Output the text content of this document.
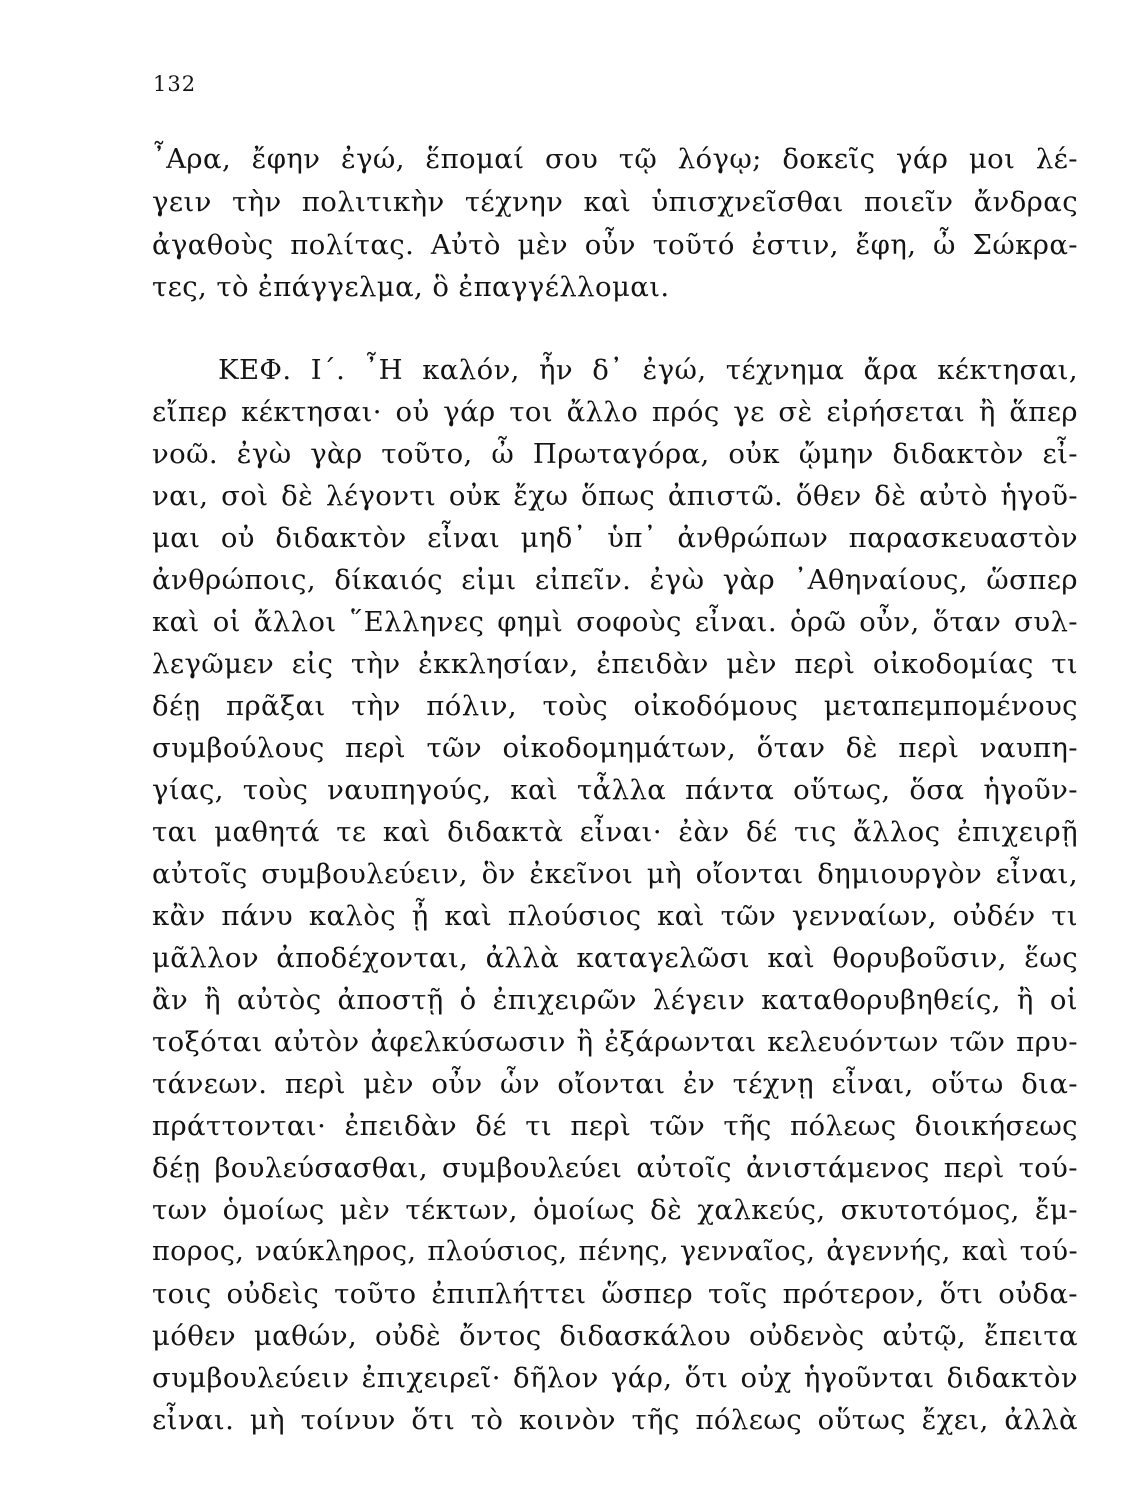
132
῏Αρα, ἔφην ἐγώ, ἕπομαί σου τῷ λόγῳ; δοκεῖς γάρ μοι λέ-
γειν τὴν πολιτικὴν τέχνην καὶ ὑπισχνεῖσθαι ποιεῖν ἄνδρας
ἀγαθοὺς πολίτας. Αὐτὸ μὲν οὖν τοῦτό ἐστιν, ἔφη, ὦ Σώκρα-
τες, τὸ ἐπάγγελμα, ὃ ἐπαγγέλλομαι.
ΚΕΦ. Ι΄. ῏Η καλόν, ἦν δ᾿ ἐγώ, τέχνημα ἄρα κέκτησαι,
εἴπερ κέκτησαι· οὐ γάρ τοι ἄλλο πρός γε σὲ εἰρήσεται ἢ ἅπερ
νοῶ. ἐγὼ γὰρ τοῦτο, ὦ Πρωταγόρα, οὐκ ᾤμην διδακτὸν εἶ-
ναι, σοὶ δὲ λέγοντι οὐκ ἔχω ὅπως ἀπιστῶ. ὅθεν δὲ αὐτὸ ἡγοῦ-
μαι οὐ διδακτὸν εἶναι μηδ᾿ ὑπ᾿ ἀνθρώπων παρασκευαστὸν
ἀνθρώποις, δίκαιός εἰμι εἰπεῖν. ἐγὼ γὰρ ᾿Αθηναίους, ὥσπερ
καὶ οἱ ἄλλοι ῞Ελληνες φημὶ σοφοὺς εἶναι. ὁρῶ οὖν, ὅταν συλ-
λεγῶμεν εἰς τὴν ἐκκλησίαν, ἐπειδὰν μὲν περὶ οἰκοδομίας τι
δέῃ πρᾶξαι τὴν πόλιν, τοὺς οἰκοδόμους μεταπεμπομένους
συμβούλους περὶ τῶν οἰκοδομημάτων, ὅταν δὲ περὶ ναυπη-
γίας, τοὺς ναυπηγούς, καὶ τἆλλα πάντα οὕτως, ὅσα ἡγοῦν-
ται μαθητά τε καὶ διδακτὰ εἶναι· ἐὰν δέ τις ἄλλος ἐπιχειρῇ
αὐτοῖς συμβουλεύειν, ὃν ἐκεῖνοι μὴ οἴονται δημιουργὸν εἶναι,
κἂν πάνυ καλὸς ᾖ καὶ πλούσιος καὶ τῶν γενναίων, οὐδέν τι
μᾶλλον ἀποδέχονται, ἀλλὰ καταγελῶσι καὶ θορυβοῦσιν, ἕως
ἂν ἢ αὐτὸς ἀποστῇ ὁ ἐπιχειρῶν λέγειν καταθορυβηθείς, ἢ οἱ
τοξόται αὐτὸν ἀφελκύσωσιν ἢ ἐξάρωνται κελευόντων τῶν πρυ-
τάνεων. περὶ μὲν οὖν ὧν οἴονται ἐν τέχνῃ εἶναι, οὕτω δια-
πράττονται· ἐπειδὰν δέ τι περὶ τῶν τῆς πόλεως διοικήσεως
δέῃ βουλεύσασθαι, συμβουλεύει αὐτοῖς ἀνιστάμενος περὶ τού-
των ὁμοίως μὲν τέκτων, ὁμοίως δὲ χαλκεύς, σκυτοτόμος, ἔμ-
πορος, ναύκληρος, πλούσιος, πένης, γενναῖος, ἀγεννής, καὶ τού-
τοις οὐδεὶς τοῦτο ἐπιπλήττει ὥσπερ τοῖς πρότερον, ὅτι οὐδα-
μόθεν μαθών, οὐδὲ ὄντος διδασκάλου οὐδενὸς αὐτῷ, ἔπειτα
συμβουλεύειν ἐπιχειρεῖ· δῆλον γάρ, ὅτι οὐχ ἡγοῦνται διδακτὸν
εἶναι. μὴ τοίνυν ὅτι τὸ κοινὸν τῆς πόλεως οὕτως ἔχει, ἀλλὰ
